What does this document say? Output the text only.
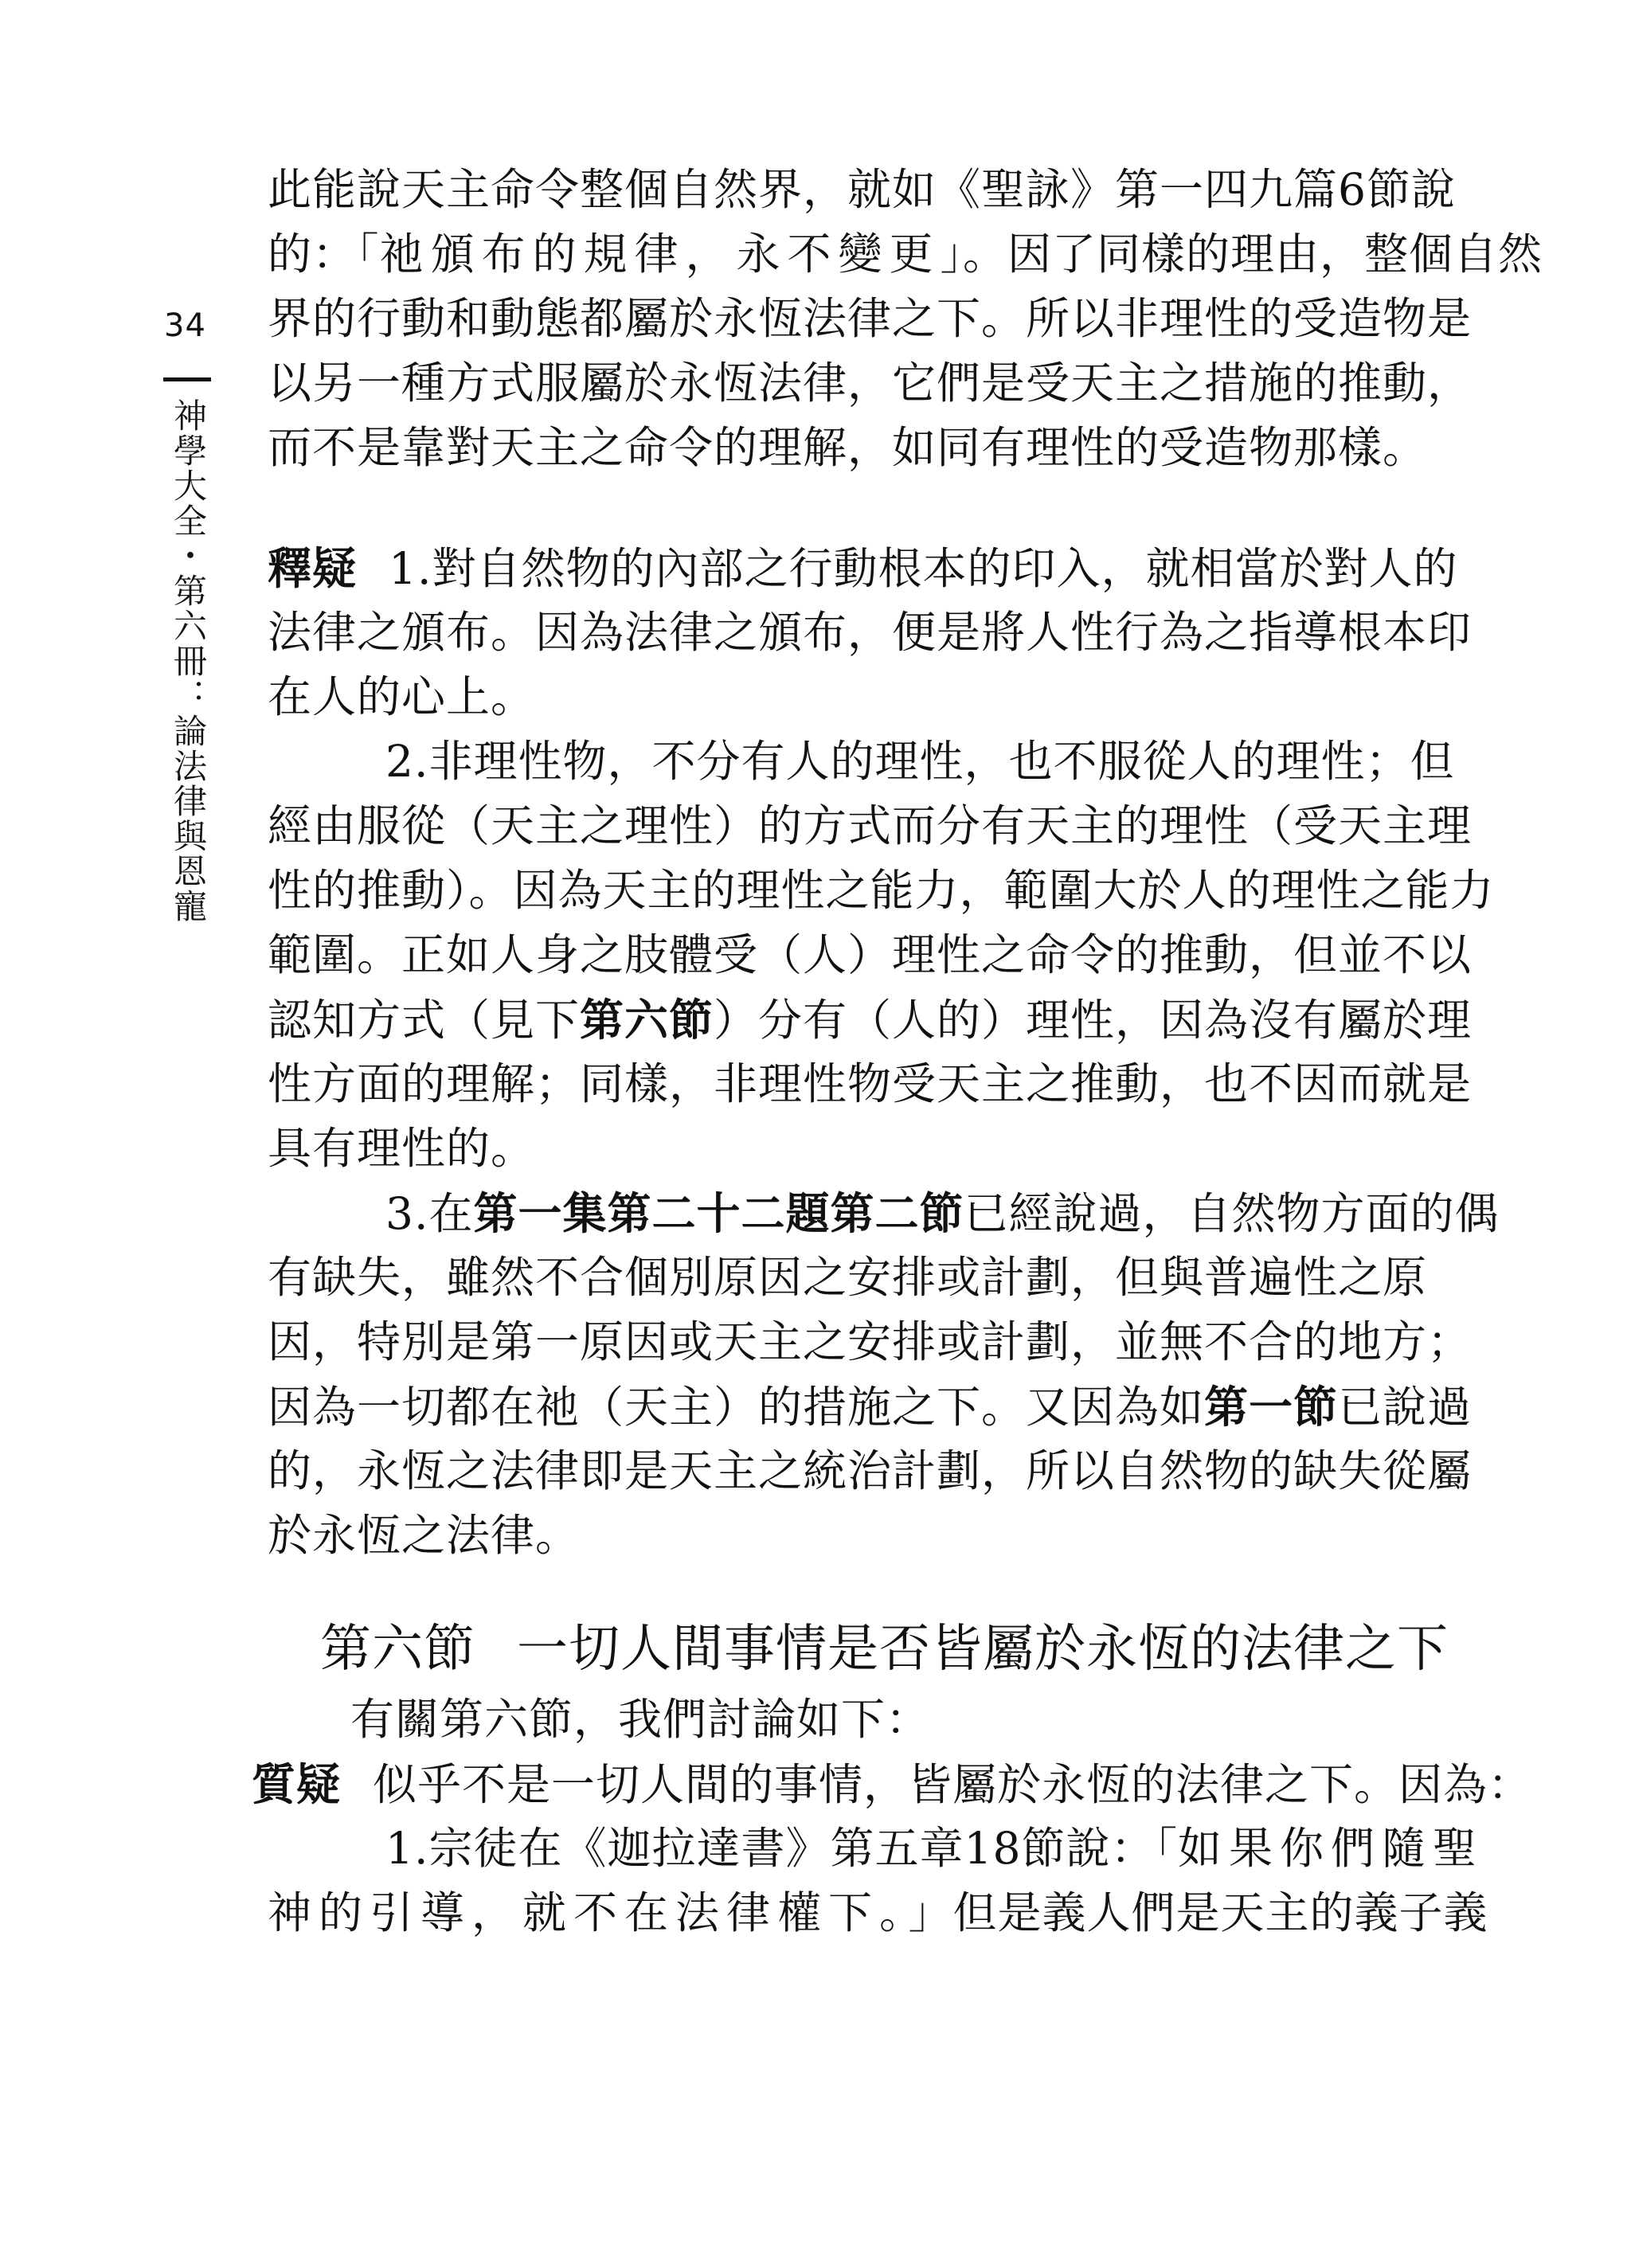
34
神學大全・第六冊：論法律與恩寵
此能說天主命令整個自然界，就如《聖詠》第一四九篇6節說
的：「祂頒布的規律，永不變更」。因了同樣的理由，整個自然
界的行動和動態都屬於永恆法律之下。所以非理性的受造物是
以另一種方式服屬於永恆法律，它們是受天主之措施的推動，
而不是靠對天主之命令的理解，如同有理性的受造物那樣。
釋疑 1.對自然物的內部之行動根本的印入，就相當於對人的
法律之頒布。因為法律之頒布，便是將人性行為之指導根本印
在人的心上。
2.非理性物，不分有人的理性，也不服從人的理性；但
經由服從（天主之理性）的方式而分有天主的理性（受天主理
性的推動）。因為天主的理性之能力，範圍大於人的理性之能力
範圍。正如人身之肢體受（人）理性之命令的推動，但並不以
認知方式（見下第六節）分有（人的）理性，因為沒有屬於理
性方面的理解；同樣，非理性物受天主之推動，也不因而就是
具有理性的。
3.在第一集第二十二題第二節已經說過，自然物方面的偶
有缺失，雖然不合個別原因之安排或計劃，但與普遍性之原
因，特別是第一原因或天主之安排或計劃，並無不合的地方；
因為一切都在祂（天主）的措施之下。又因為如第一節已說過
的，永恆之法律即是天主之統治計劃，所以自然物的缺失從屬
於永恆之法律。
第六節 一切人間事情是否皆屬於永恆的法律之下
有關第六節，我們討論如下：
質疑 似乎不是一切人間的事情，皆屬於永恆的法律之下。因為：
1.宗徒在《迦拉達書》第五章18節說：「如果你們隨聖
神的引導，就不在法律權下。」但是義人們是天主的義子義
